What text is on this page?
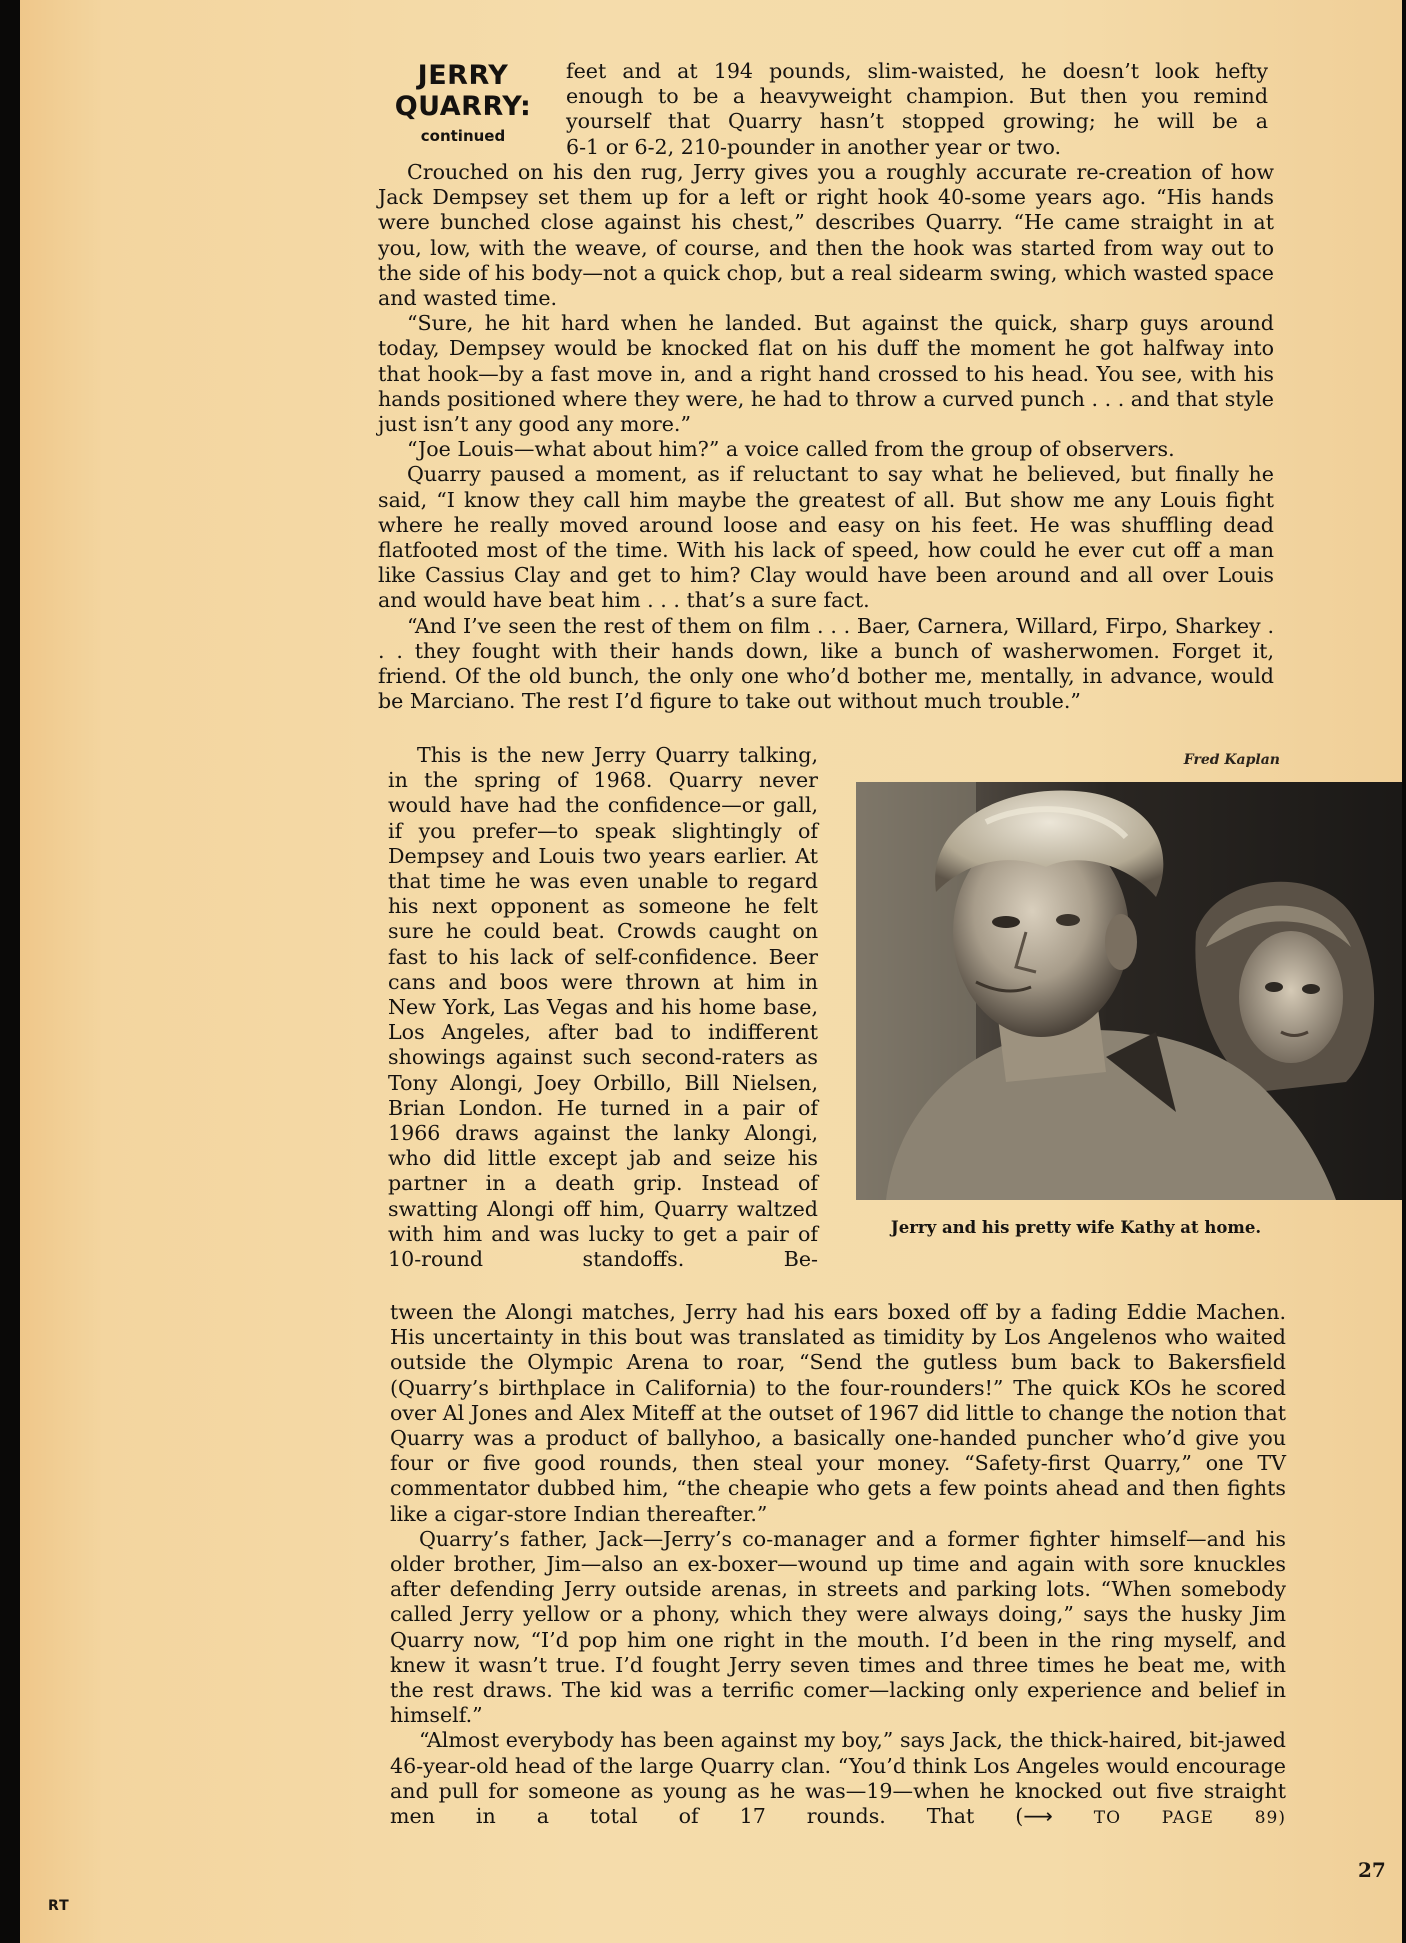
JERRY
QUARRY:
continued

feet and at 194 pounds, slim-waisted, he doesn’t look hefty

enough to be a heavyweight champion. But then you remind

yourself that Quarry hasn’t stopped growing; he will be a

6-1 or 6-2, 210-pounder in another year or two.

Crouched on his den rug, Jerry gives you a roughly accurate re-creation of how Jack Dempsey set them up for a left or right hook 40-some years ago. “His hands were bunched close against his chest,” describes Quarry. “He came straight in at you, low, with the weave, of course, and then the hook was started from way out to the side of his body—not a quick chop, but a real sidearm swing, which wasted space and wasted time.

“Sure, he hit hard when he landed. But against the quick, sharp guys around today, Dempsey would be knocked flat on his duff the moment he got halfway into that hook—by a fast move in, and a right hand crossed to his head. You see, with his hands positioned where they were, he had to throw a curved punch . . . and that style just isn’t any good any more.”

“Joe Louis—what about him?” a voice called from the group of observers.

Quarry paused a moment, as if reluctant to say what he believed, but finally he said, “I know they call him maybe the greatest of all. But show me any Louis fight where he really moved around loose and easy on his feet. He was shuffling dead flatfooted most of the time. With his lack of speed, how could he ever cut off a man like Cassius Clay and get to him? Clay would have been around and all over Louis and would have beat him . . . that’s a sure fact.

“And I’ve seen the rest of them on film . . . Baer, Carnera, Willard, Firpo, Sharkey . . . they fought with their hands down, like a bunch of washerwomen. Forget it, friend. Of the old bunch, the only one who’d bother me, mentally, in advance, would be Marciano. The rest I’d figure to take out without much trouble.”

This is the new Jerry Quarry talking, in the spring of 1968. Quarry never would have had the confidence—or gall, if you prefer—to speak slightingly of Dempsey and Louis two years earlier. At that time he was even unable to regard his next opponent as someone he felt sure he could beat. Crowds caught on fast to his lack of self-confidence. Beer cans and boos were thrown at him in New York, Las Vegas and his home base, Los Angeles, after bad to indifferent showings against such second-raters as Tony Alongi, Joey Orbillo, Bill Nielsen, Brian London. He turned in a pair of 1966 draws against the lanky Alongi, who did little except jab and seize his partner in a death grip. Instead of swatting Alongi off him, Quarry waltzed with him and was lucky to get a pair of 10-round standoffs. Be-

Fred Kaplan
Jerry and his pretty wife Kathy at home.

tween the Alongi matches, Jerry had his ears boxed off by a fading Eddie Machen. His uncertainty in this bout was translated as timidity by Los Angelenos who waited outside the Olympic Arena to roar, “Send the gutless bum back to Bakersfield (Quarry’s birthplace in California) to the four-rounders!” The quick KOs he scored over Al Jones and Alex Miteff at the outset of 1967 did little to change the notion that Quarry was a product of ballyhoo, a basically one-handed puncher who’d give you four or five good rounds, then steal your money. “Safety-first Quarry,” one TV commentator dubbed him, “the cheapie who gets a few points ahead and then fights like a cigar-store Indian thereafter.”

Quarry’s father, Jack—Jerry’s co-manager and a former fighter himself—and his older brother, Jim—also an ex-boxer—wound up time and again with sore knuckles after defending Jerry outside arenas, in streets and parking lots. “When somebody called Jerry yellow or a phony, which they were always doing,” says the husky Jim Quarry now, “I’d pop him one right in the mouth. I’d been in the ring myself, and knew it wasn’t true. I’d fought Jerry seven times and three times he beat me, with the rest draws. The kid was a terrific comer—lacking only experience and belief in himself.”

“Almost everybody has been against my boy,” says Jack, the thick-haired, bit-jawed 46-year-old head of the large Quarry clan. “You’d think Los Angeles would encourage and pull for someone as young as he was—19—when he knocked out five straight men in a total of 17 rounds. That (⟶ TO PAGE 89)

27
RT
